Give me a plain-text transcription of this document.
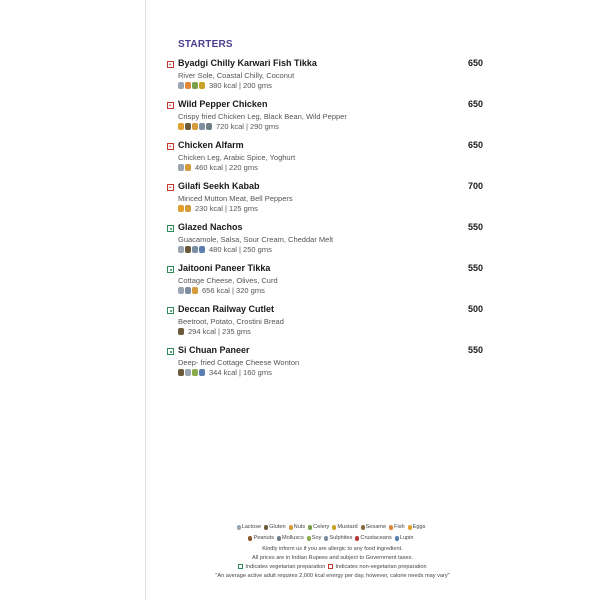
STARTERS
Byadgi Chilly Karwari Fish Tikka	650
River Sole, Coastal Chilly, Coconut
380 kcal | 200 gms
Wild Pepper Chicken	650
Crispy fried Chicken Leg, Black Bean, Wild Pepper
720 kcal | 290 gms
Chicken Alfarm	650
Chicken Leg, Arabic Spice, Yoghurt
460 kcal | 220 gms
Gilafi Seekh Kabab	700
Minced Mutton Meat, Bell Peppers
230 kcal | 125 gms
Glazed Nachos	550
Guacamole, Salsa, Sour Cream, Cheddar Melt
480 kcal | 250 gms
Jaitooni Paneer Tikka	550
Cottage Cheese, Olives, Curd
656 kcal | 320 gms
Deccan Railway Cutlet	500
Beetroot, Potato, Crostini Bread
294 kcal | 235 gms
Si Chuan Paneer	550
Deep- fried Cottage Cheese Wonton
344 kcal | 160 gms
Lactose Gluten Nuts Celery Mustard Sesame Fish Eggs
Peanuts Molluscs Soy Sulphites Crustaceans Lupin
Kindly inform us if you are allergic to any food ingredient.
All prices are in Indian Rupees and subject to Government taxes.
Indicates vegetarian preparation Indicates non-vegetarian preparation
"An average active adult requires 2,000 kcal energy per day, however, calorie needs may vary"
